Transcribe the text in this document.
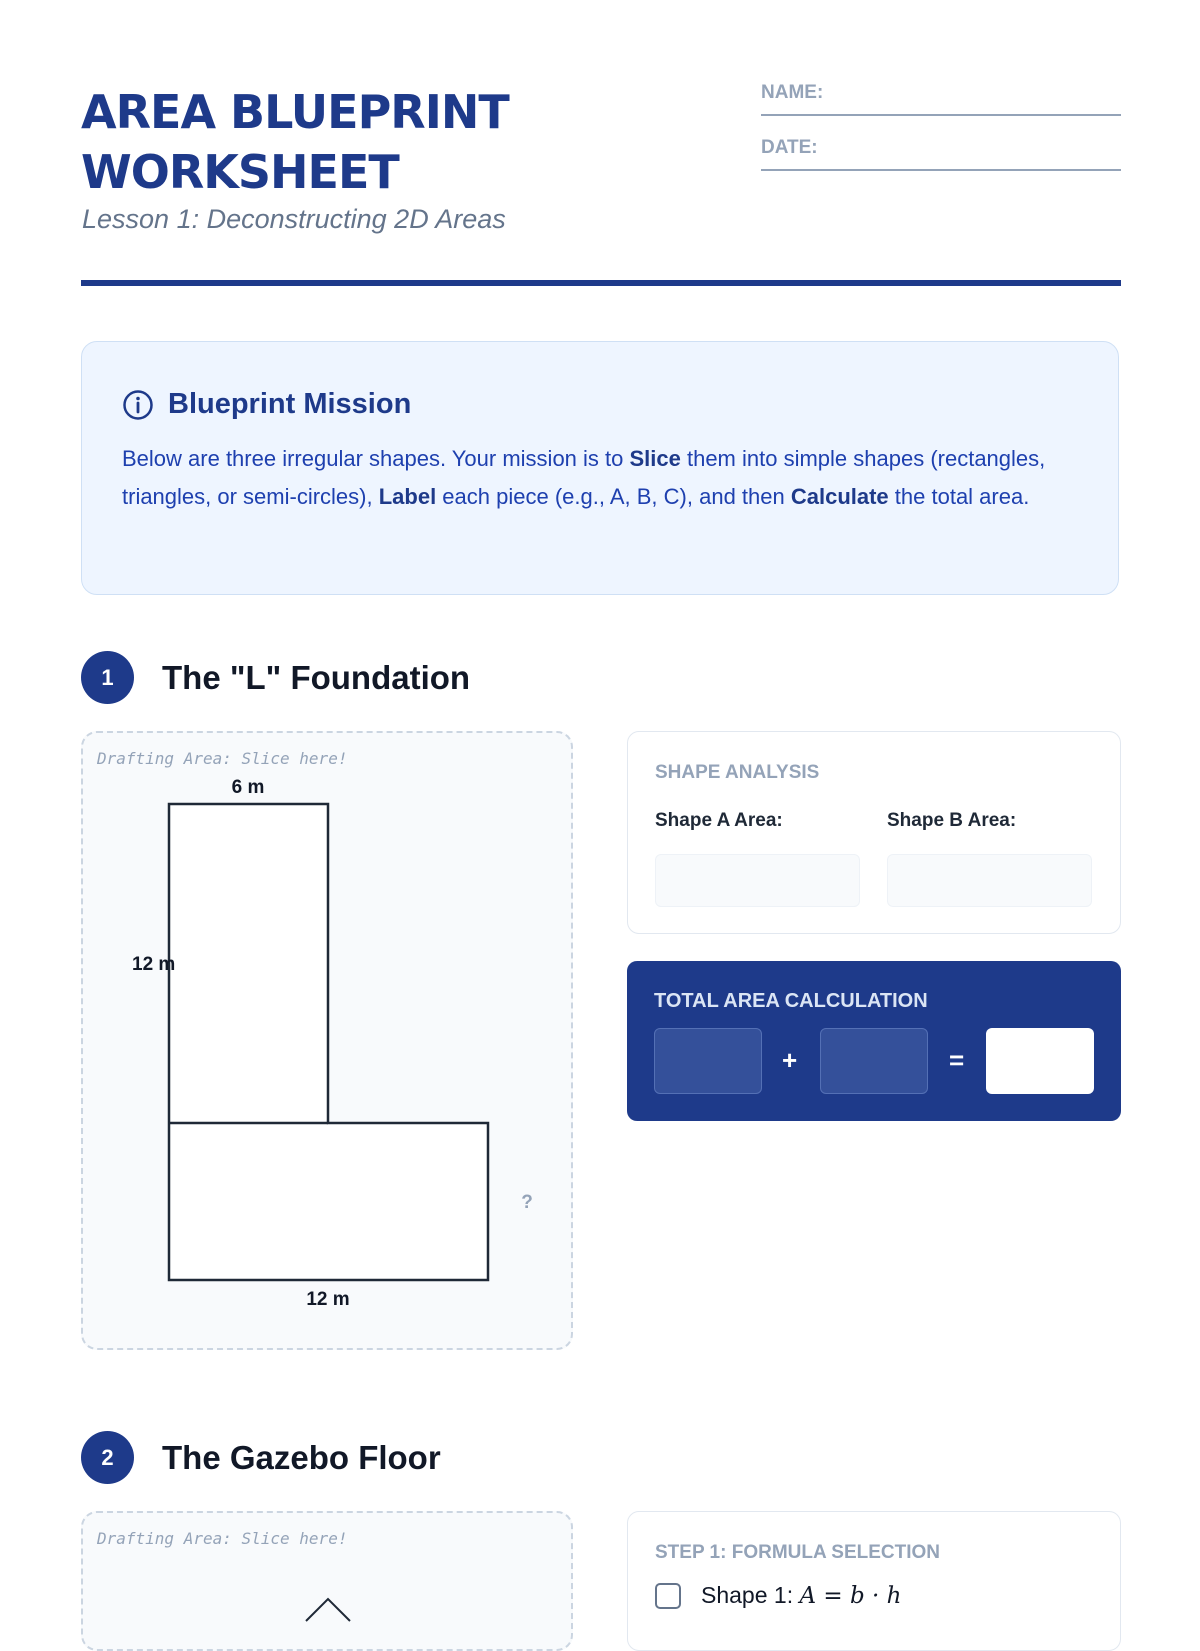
AREA BLUEPRINT
WORKSHEET
Lesson 1: Deconstructing 2D Areas
NAME:
DATE:
Blueprint Mission
Below are three irregular shapes. Your mission is to Slice them into simple shapes (rectangles, triangles, or semi-circles), Label each piece (e.g., A, B, C), and then Calculate the total area.
1	The "L" Foundation
Drafting Area: Slice here!
6 m
12 m
12 m
?
SHAPE ANALYSIS
Shape A Area:	Shape B Area:
TOTAL AREA CALCULATION
+	=
2	The Gazebo Floor
Drafting Area: Slice here!
STEP 1: FORMULA SELECTION
Shape 1: A = b · h
